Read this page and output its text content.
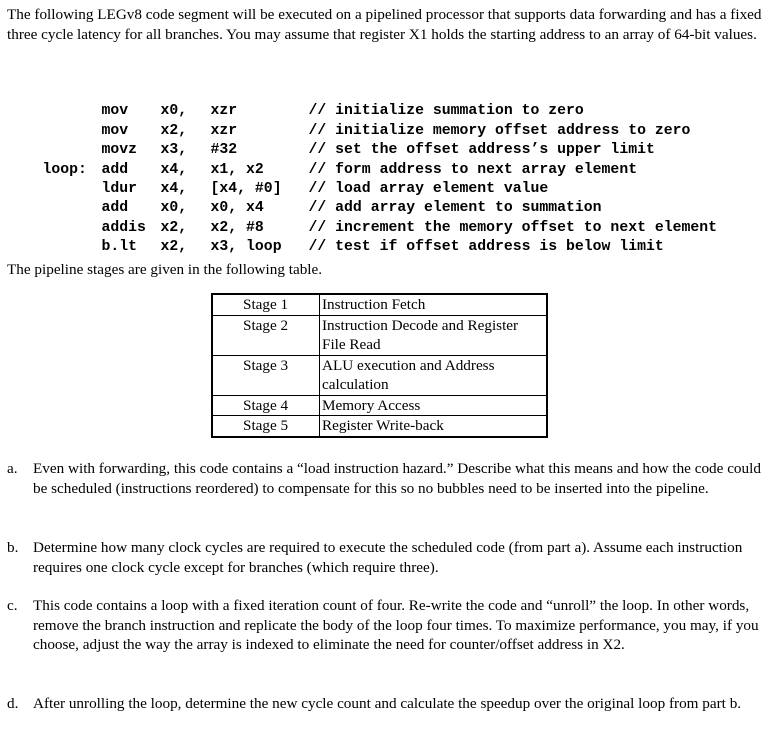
The following LEGv8 code segment will be executed on a pipelined processor that supports data forwarding and has a fixed three cycle latency for all branches. You may assume that register X1 holds the starting address to an array of 64-bit values.

mov x0, xzr	// initialize summation to zero

mov x2, xzr	// initialize memory offset address to zero

movz x3, #32	// set the offset address’s upper limit

loop: add x4, x1, x2	// form address to next array element

ldur x4, [x4, #0] // load array element value

add x0, x0, x4	// add array element to summation

addis x2, x2, #8	// increment the memory offset to next element

b.lt x2, x3, loop // test if offset address is below limit

The pipeline stages are given in the following table.
Stage 1	Instruction Fetch
Stage 2	Instruction Decode and Register File Read
Stage 3	ALU execution and Address calculation
Stage 4	Memory Access
Stage 5	Register Write-back
a. Even with forwarding, this code contains a “load instruction hazard.” Describe what this means and how the code could be scheduled (instructions reordered) to compensate for this so no bubbles need to be inserted into the pipeline.
b. Determine how many clock cycles are required to execute the scheduled code (from part a). Assume each instruction requires one clock cycle except for branches (which require three).
c. This code contains a loop with a fixed iteration count of four. Re-write the code and “unroll” the loop. In other words, remove the branch instruction and replicate the body of the loop four times. To maximize performance, you may, if you choose, adjust the way the array is indexed to eliminate the need for counter/offset address in X2.
d. After unrolling the loop, determine the new cycle count and calculate the speedup over the original loop from part b.
